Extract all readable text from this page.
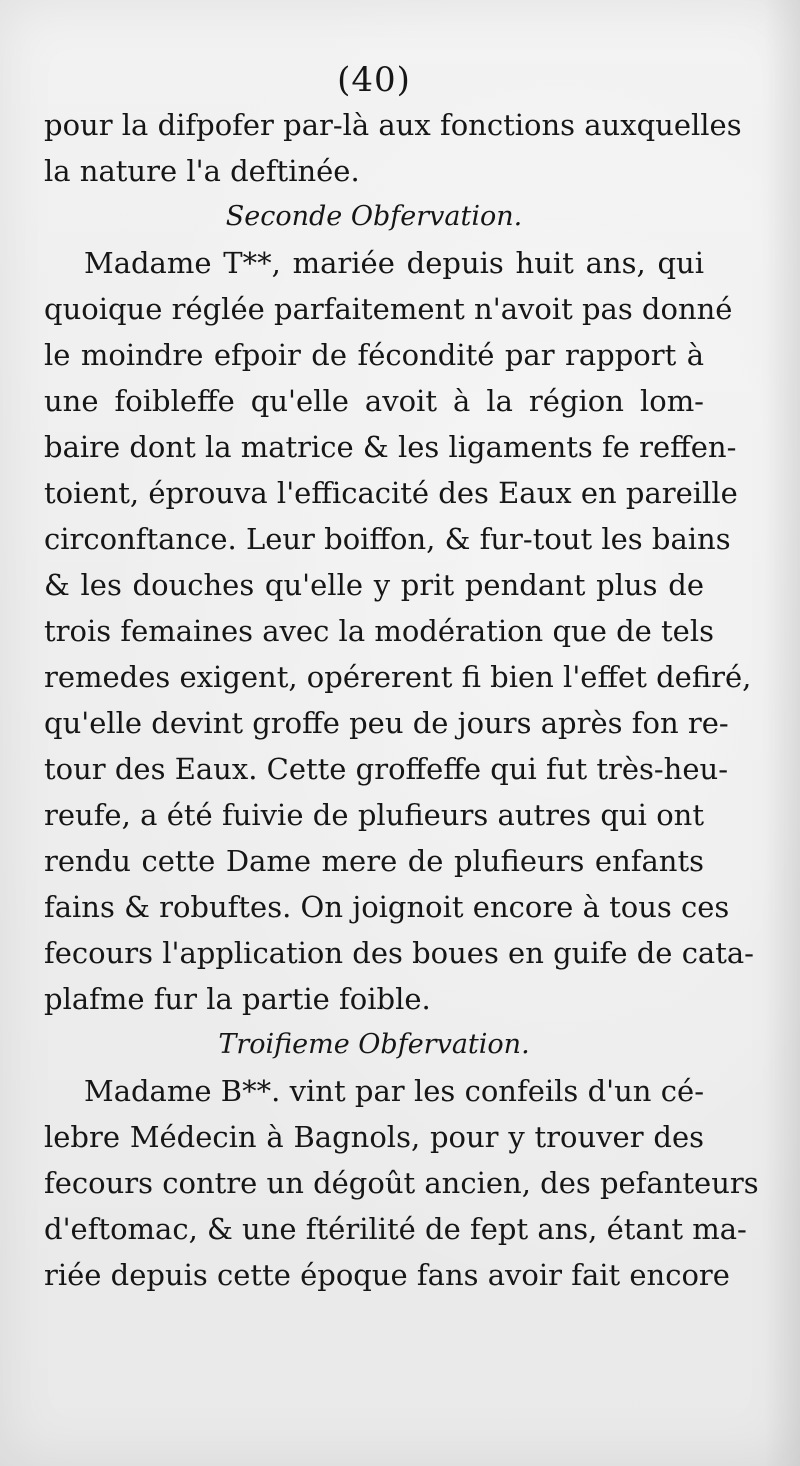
(40)
pour la difpofer par-là aux fonctions auxquelles
la nature l'a deftinée.
Seconde Obfervation.
Madame T**, mariée depuis huit ans, qui
quoique réglée parfaitement n'avoit pas donné
le moindre efpoir de fécondité par rapport à
une foibleffe qu'elle avoit à la région lom-
baire dont la matrice & les ligaments fe reffen-
toient, éprouva l'efficacité des Eaux en pareille
circonftance. Leur boiffon, & fur-tout les bains
& les douches qu'elle y prit pendant plus de
trois femaines avec la modération que de tels
remedes exigent, opérerent fi bien l'effet defiré,
qu'elle devint groffe peu de jours après fon re-
tour des Eaux. Cette groffeffe qui fut très-heu-
reufe, a été fuivie de plufieurs autres qui ont
rendu cette Dame mere de plufieurs enfants
fains & robuftes. On joignoit encore à tous ces
fecours l'application des boues en guife de cata-
plafme fur la partie foible.
Troifieme Obfervation.
Madame B**. vint par les confeils d'un cé-
lebre Médecin à Bagnols, pour y trouver des
fecours contre un dégoût ancien, des pefanteurs
d'eftomac, & une ftérilité de fept ans, étant ma-
riée depuis cette époque fans avoir fait encore
